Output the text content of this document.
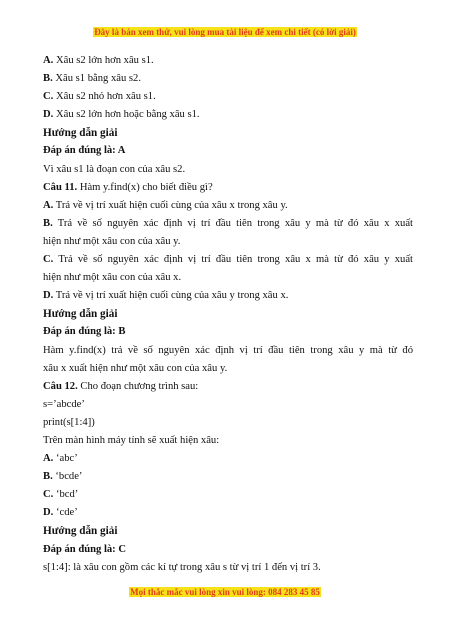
Đây là bản xem thử, vui lòng mua tài liệu để xem chi tiết (có lời giải)
A. Xâu s2 lớn hơn xâu s1.
B. Xâu s1 bằng xâu s2.
C. Xâu s2 nhỏ hơn xâu s1.
D. Xâu s2 lớn hơn hoặc bằng xâu s1.
Hướng dẫn giải
Đáp án đúng là: A
Vì xâu s1 là đoạn con của xâu s2.
Câu 11. Hàm y.find(x) cho biết điều gì?
A. Trả về vị trí xuất hiện cuối cùng của xâu x trong xâu y.
B. Trả về số nguyên xác định vị trí đầu tiên trong xâu y mà từ đó xâu x xuất
hiện như một xâu con của xâu y.
C. Trả về số nguyên xác định vị trí đầu tiên trong xâu x mà từ đó xâu y xuất
hiện như một xâu con của xâu x.
D. Trả về vị trí xuất hiện cuối cùng của xâu y trong xâu x.
Hướng dẫn giải
Đáp án đúng là: B
Hàm y.find(x) trả về số nguyên xác định vị trí đầu tiên trong xâu y mà từ đó
xâu x xuất hiện như một xâu con của xâu y.
Câu 12. Cho đoạn chương trình sau:
s=’abcde’
print(s[1:4])
Trên màn hình máy tính sẽ xuất hiện xâu:
A. ‘abc’
B. ‘bcde’
C. ‘bcd’
D. ‘cde’
Hướng dẫn giải
Đáp án đúng là: C
s[1:4]: là xâu con gồm các kí tự trong xâu s từ vị trí 1 đến vị trí 3.
Mọi thắc mắc vui lòng xin vui lòng: 084 283 45 85
